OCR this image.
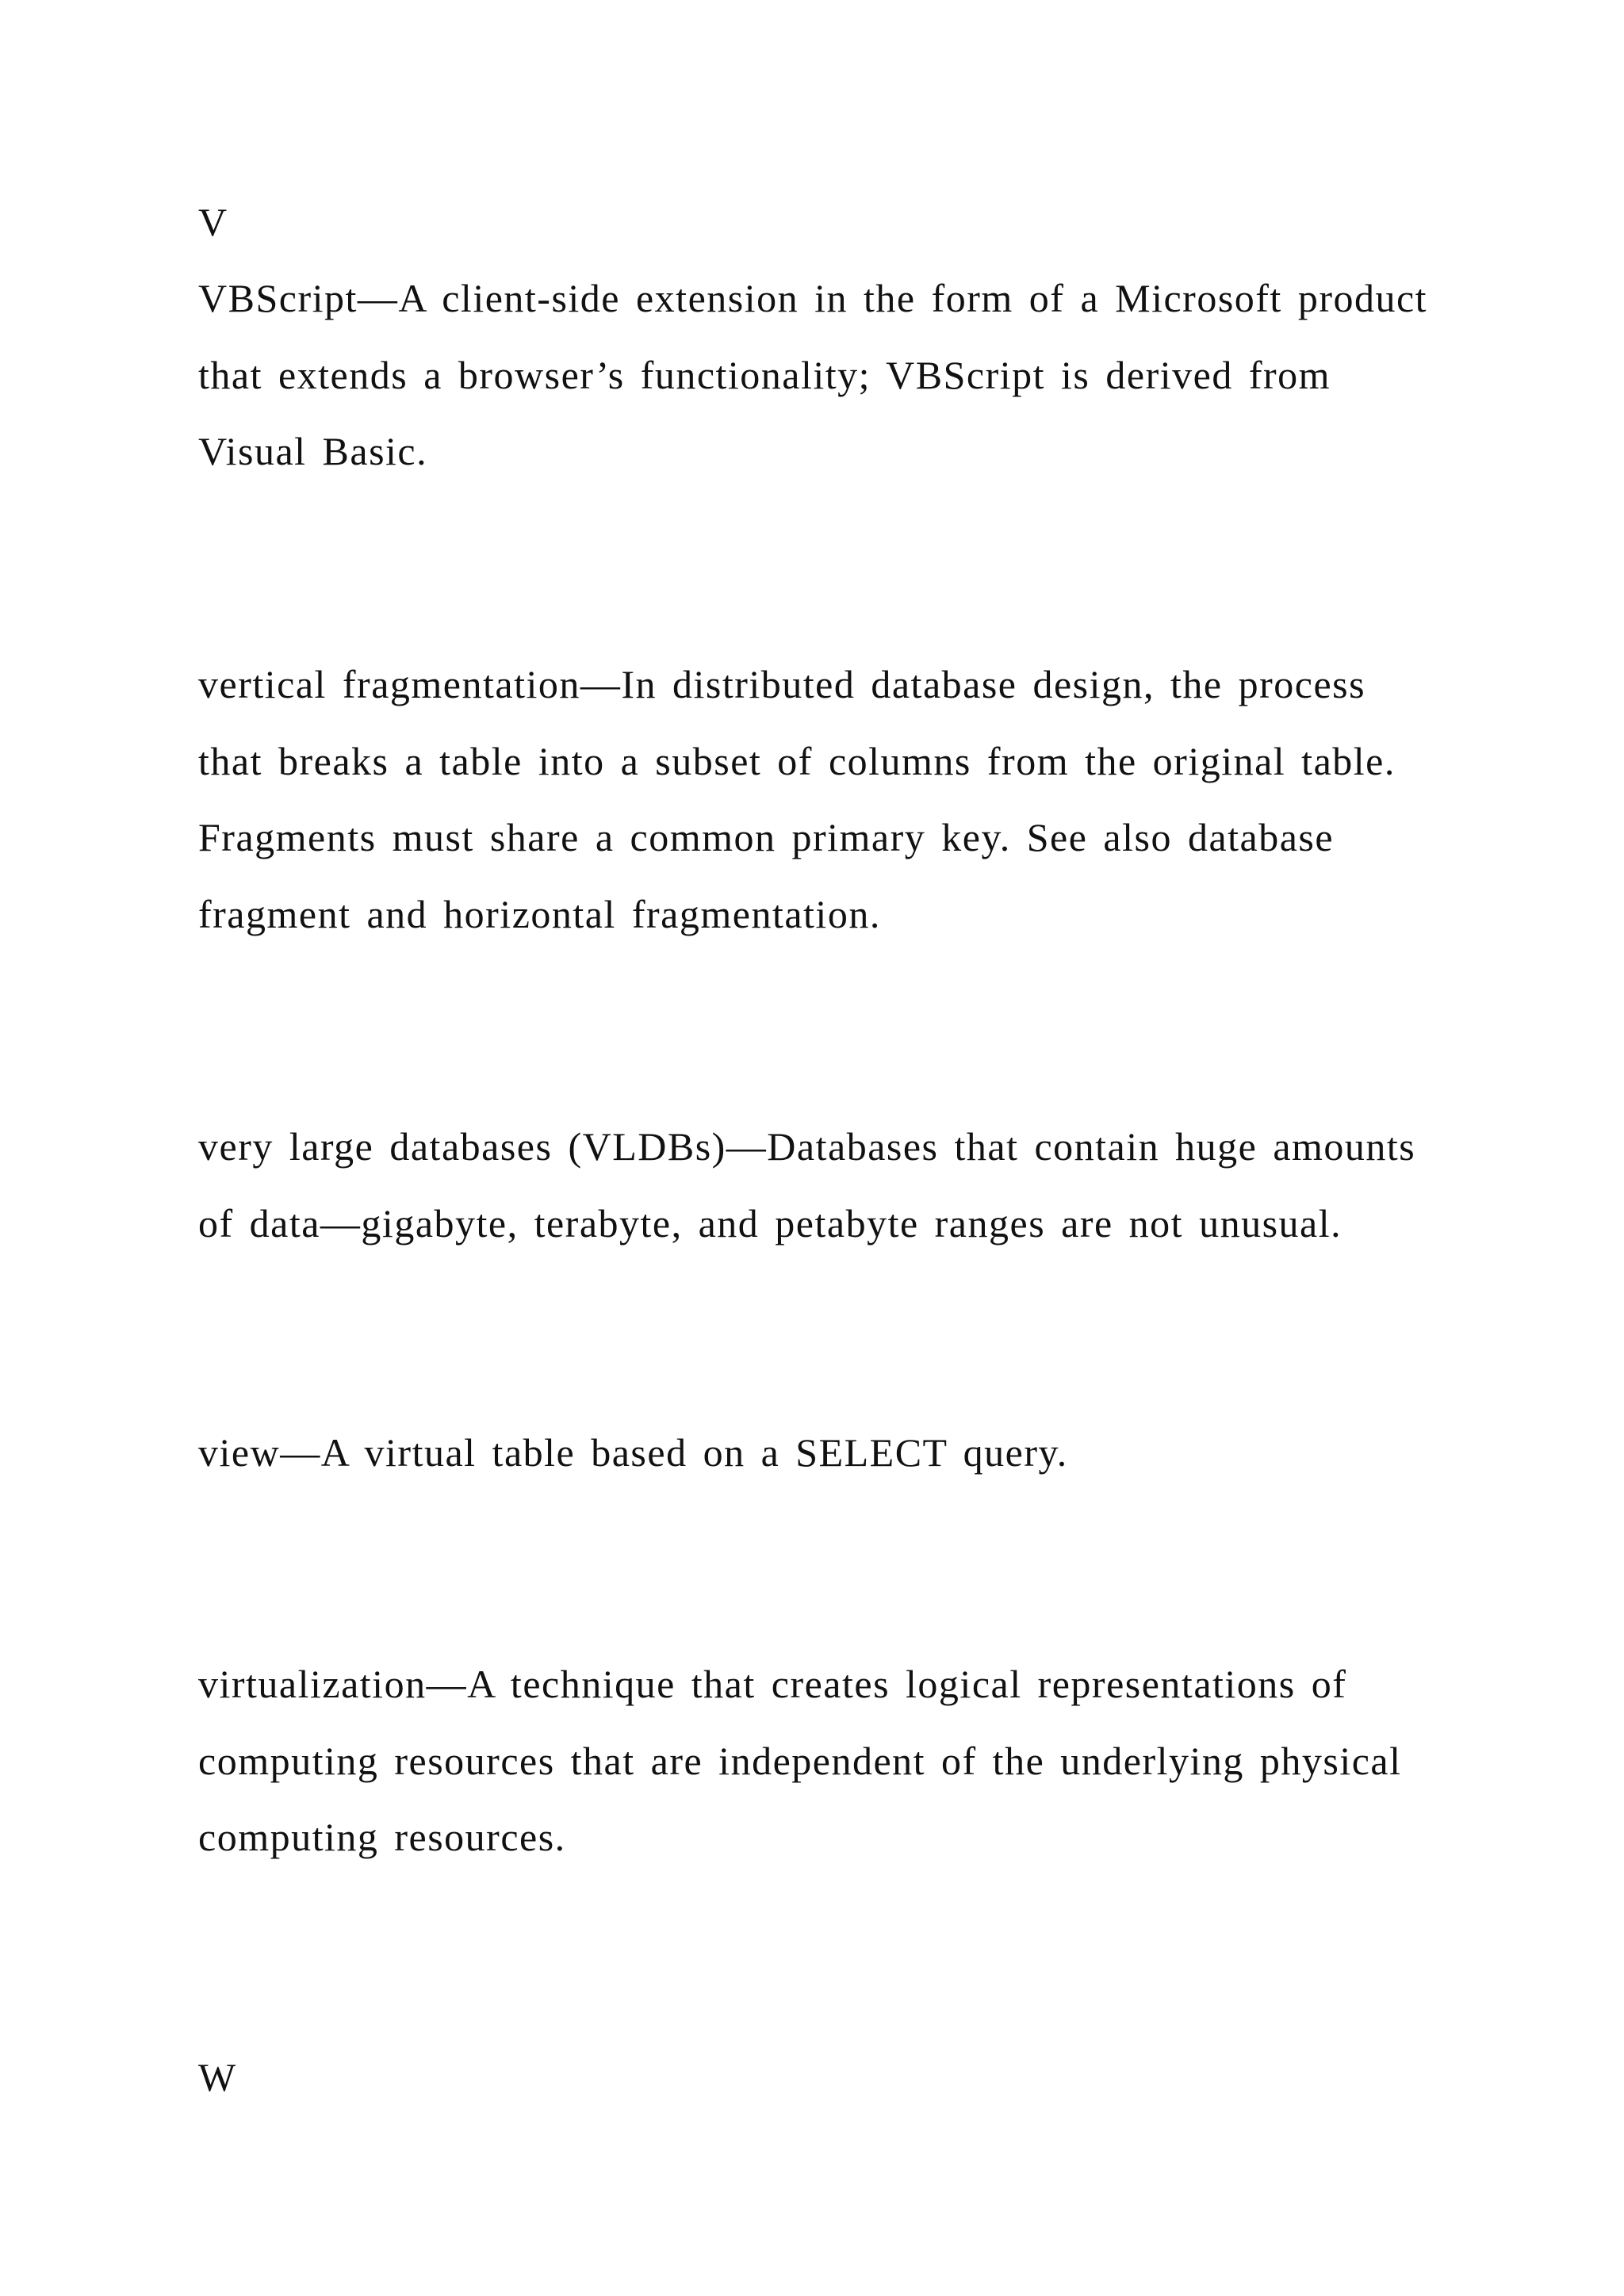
V

VBScript—A client-side extension in the form of a Microsoft product that extends a browser’s functionality; VBScript is derived from Visual Basic.

vertical fragmentation—In distributed database design, the process that breaks a table into a subset of columns from the original table. Fragments must share a common primary key. See also database fragment and horizontal fragmentation.

very large databases (VLDBs)—Databases that contain huge amounts of data—gigabyte, terabyte, and petabyte ranges are not unusual.

view—A virtual table based on a SELECT query.

virtualization—A technique that creates logical representations of computing resources that are independent of the underlying physical computing resources.

W
